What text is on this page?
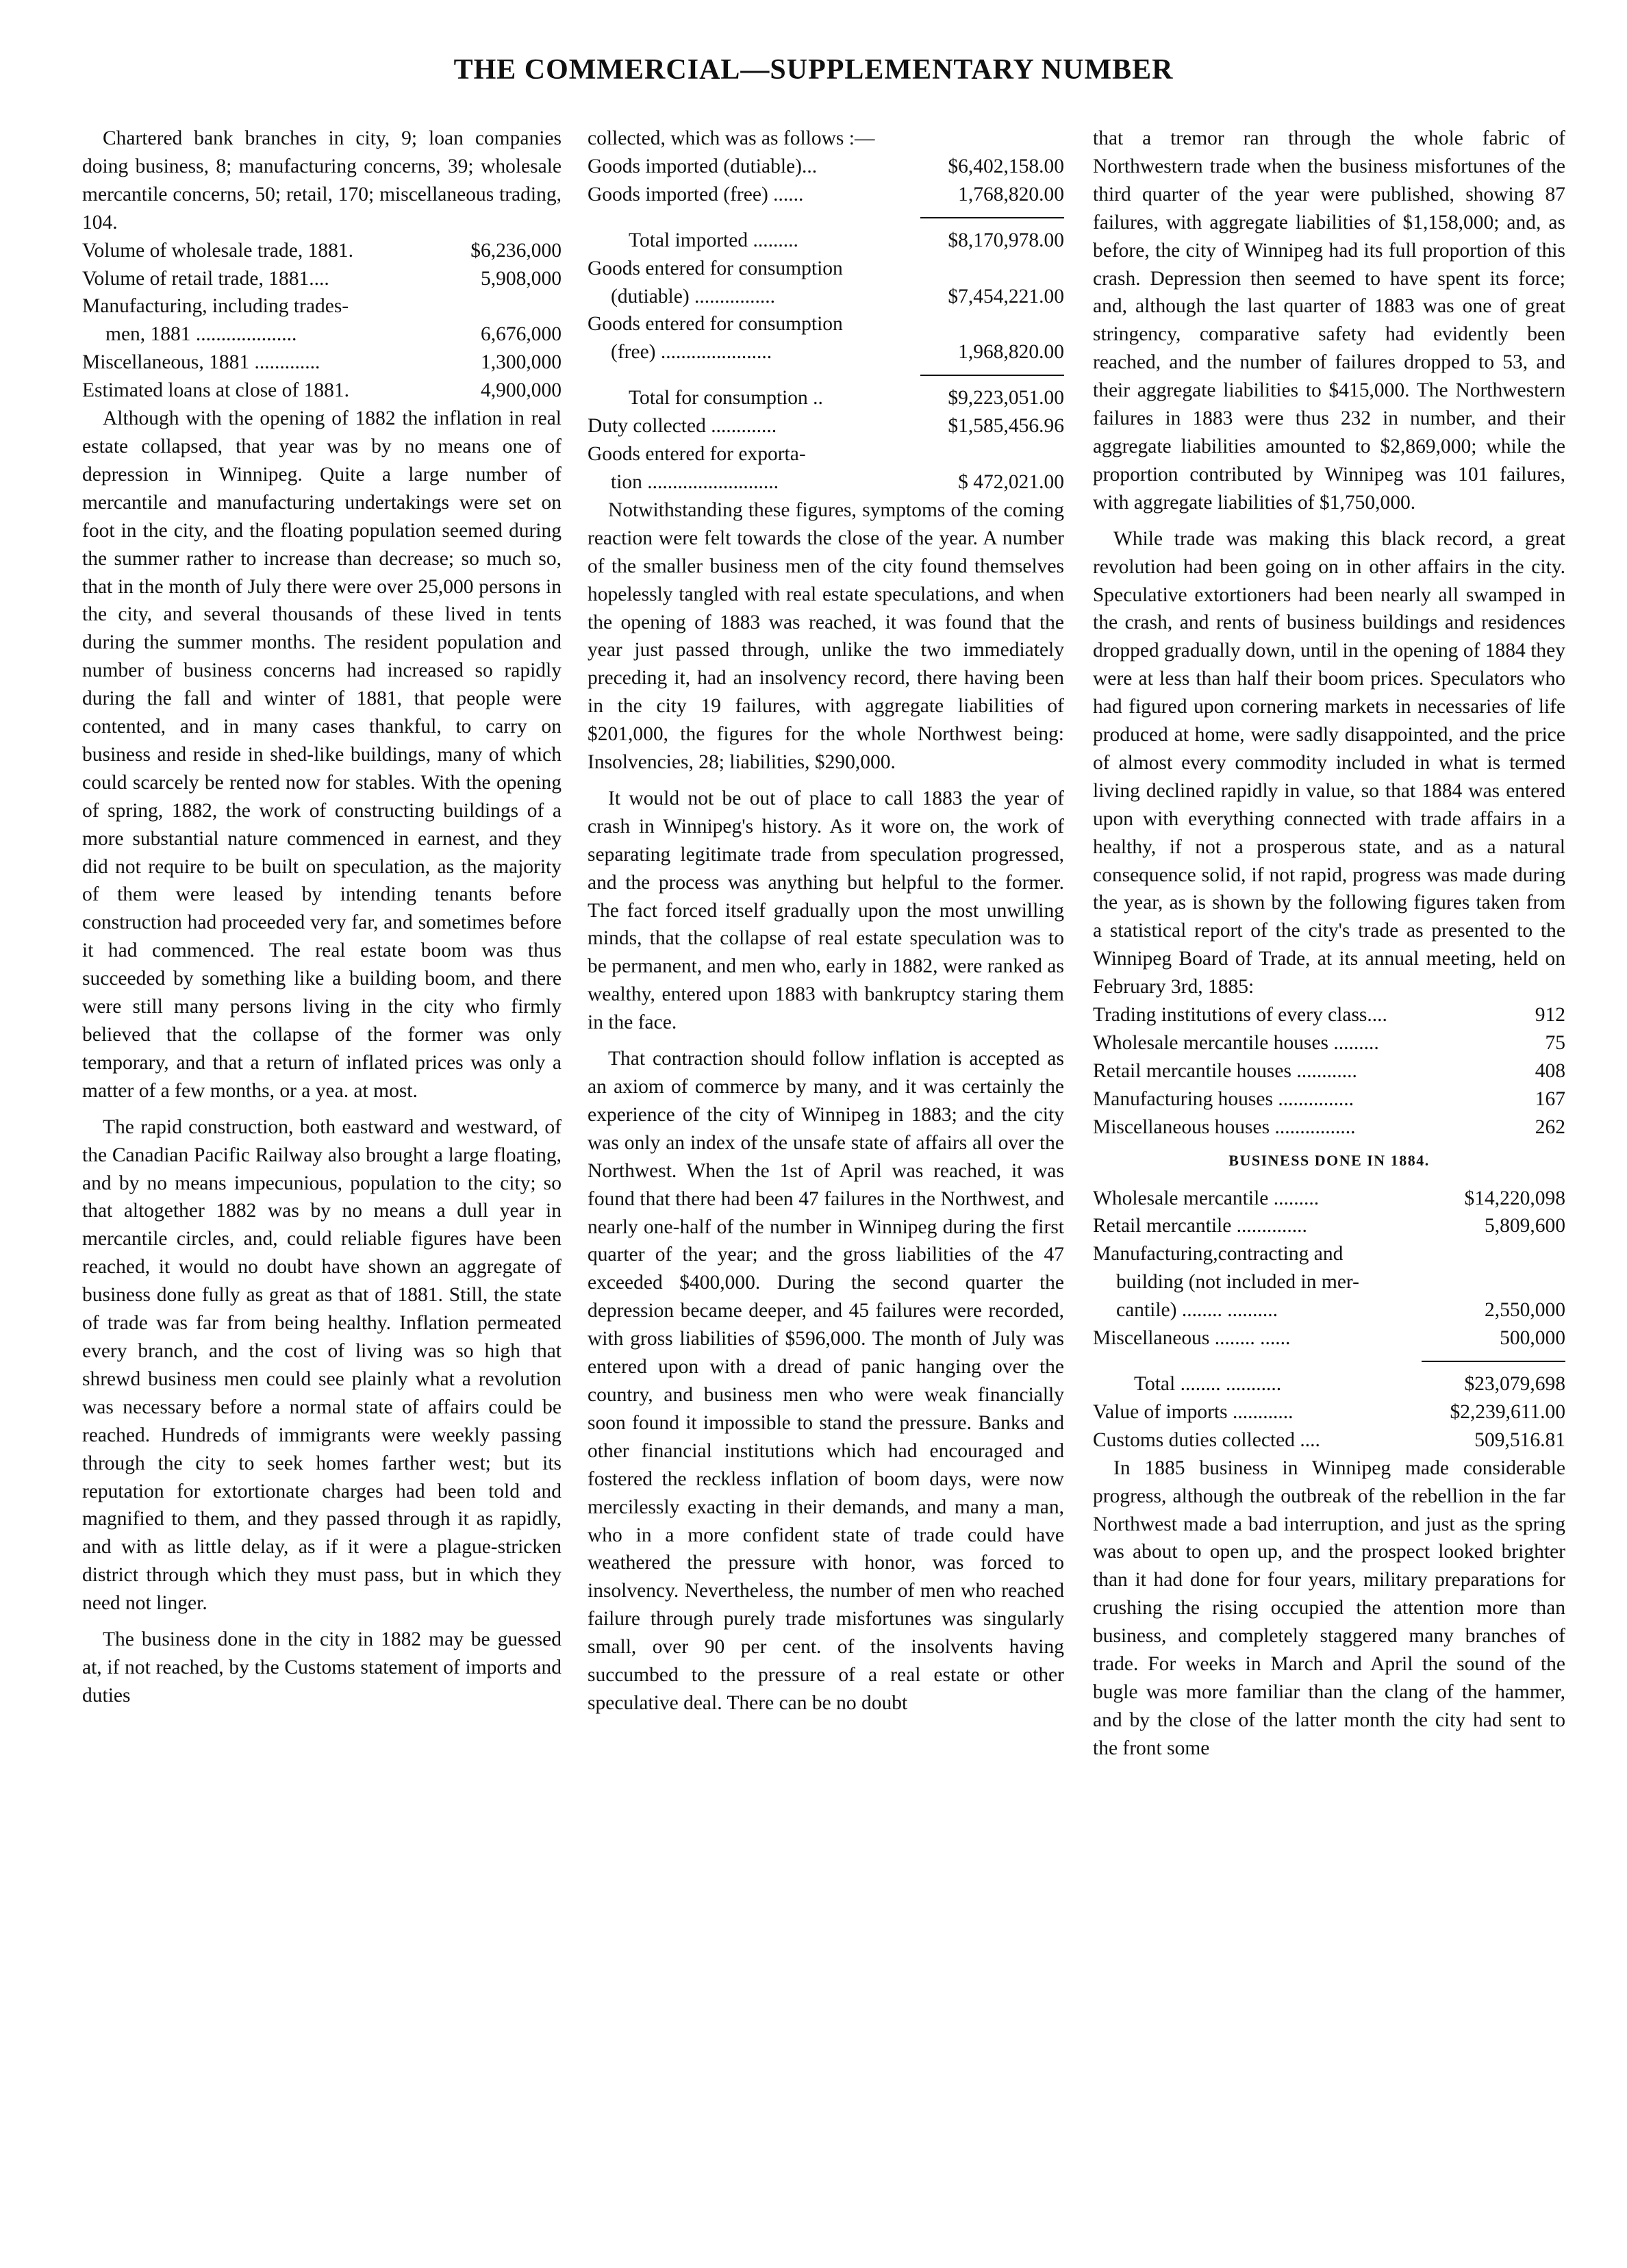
THE COMMERCIAL—SUPPLEMENTARY NUMBER

Chartered bank branches in city, 9; loan companies doing business, 8; manufacturing concerns, 39; wholesale mercantile concerns, 50; retail, 170; miscellaneous trading, 104.

Volume of wholesale trade, 1881.	$6,236,000
Volume of retail trade, 1881....	5,908,000
Manufacturing, including trades-
men, 1881 ....................	6,676,000
Miscellaneous, 1881 .............	1,300,000
Estimated loans at close of 1881.	4,900,000

Although with the opening of 1882 the inflation in real estate collapsed, that year was by no means one of depression in Winnipeg. Quite a large number of mercantile and manufacturing undertakings were set on foot in the city, and the floating population seemed during the summer rather to increase than decrease; so much so, that in the month of July there were over 25,000 persons in the city, and several thousands of these lived in tents during the summer months. The resident population and number of business concerns had increased so rapidly during the fall and winter of 1881, that people were contented, and in many cases thankful, to carry on business and reside in shed-like buildings, many of which could scarcely be rented now for stables. With the opening of spring, 1882, the work of constructing buildings of a more substantial nature commenced in earnest, and they did not require to be built on speculation, as the majority of them were leased by intending tenants before construction had proceeded very far, and sometimes before it had commenced. The real estate boom was thus succeeded by something like a building boom, and there were still many persons living in the city who firmly believed that the collapse of the former was only temporary, and that a return of inflated prices was only a matter of a few months, or a yea. at most.

The rapid construction, both eastward and westward, of the Canadian Pacific Railway also brought a large floating, and by no means impecunious, population to the city; so that altogether 1882 was by no means a dull year in mercantile circles, and, could reliable figures have been reached, it would no doubt have shown an aggregate of business done fully as great as that of 1881. Still, the state of trade was far from being healthy. Inflation permeated every branch, and the cost of living was so high that shrewd business men could see plainly what a revolution was necessary before a normal state of affairs could be reached. Hundreds of immigrants were weekly passing through the city to seek homes farther west; but its reputation for extortionate charges had been told and magnified to them, and they passed through it as rapidly, and with as little delay, as if it were a plague-stricken district through which they must pass, but in which they need not linger.

The business done in the city in 1882 may be guessed at, if not reached, by the Customs statement of imports and duties

collected, which was as follows :—

Goods imported (dutiable)...	$6,402,158.00
Goods imported (free) ......	1,768,820.00
Total imported .........	$8,170,978.00
Goods entered for consumption
(dutiable) ................	$7,454,221.00
Goods entered for consumption
(free) ......................	1,968,820.00
Total for consumption ..	$9,223,051.00
Duty collected .............	$1,585,456.96
Goods entered for exporta-
tion ..........................	$ 472,021.00

Notwithstanding these figures, symptoms of the coming reaction were felt towards the close of the year. A number of the smaller business men of the city found themselves hopelessly tangled with real estate speculations, and when the opening of 1883 was reached, it was found that the year just passed through, unlike the two immediately preceding it, had an insolvency record, there having been in the city 19 failures, with aggregate liabilities of $201,000, the figures for the whole Northwest being: Insolvencies, 28; liabilities, $290,000.

It would not be out of place to call 1883 the year of crash in Winnipeg's history. As it wore on, the work of separating legitimate trade from speculation progressed, and the process was anything but helpful to the former. The fact forced itself gradually upon the most unwilling minds, that the collapse of real estate speculation was to be permanent, and men who, early in 1882, were ranked as wealthy, entered upon 1883 with bankruptcy staring them in the face.

That contraction should follow inflation is accepted as an axiom of commerce by many, and it was certainly the experience of the city of Winnipeg in 1883; and the city was only an index of the unsafe state of affairs all over the Northwest. When the 1st of April was reached, it was found that there had been 47 failures in the Northwest, and nearly one-half of the number in Winnipeg during the first quarter of the year; and the gross liabilities of the 47 exceeded $400,000. During the second quarter the depression became deeper, and 45 failures were recorded, with gross liabilities of $596,000. The month of July was entered upon with a dread of panic hanging over the country, and business men who were weak financially soon found it impossible to stand the pressure. Banks and other financial institutions which had encouraged and fostered the reckless inflation of boom days, were now mercilessly exacting in their demands, and many a man, who in a more confident state of trade could have weathered the pressure with honor, was forced to insolvency. Nevertheless, the number of men who reached failure through purely trade misfortunes was singularly small, over 90 per cent. of the insolvents having succumbed to the pressure of a real estate or other speculative deal. There can be no doubt

that a tremor ran through the whole fabric of Northwestern trade when the business misfortunes of the third quarter of the year were published, showing 87 failures, with aggregate liabilities of $1,158,000; and, as before, the city of Winnipeg had its full proportion of this crash. Depression then seemed to have spent its force; and, although the last quarter of 1883 was one of great stringency, comparative safety had evidently been reached, and the number of failures dropped to 53, and their aggregate liabilities to $415,000. The Northwestern failures in 1883 were thus 232 in number, and their aggregate liabilities amounted to $2,869,000; while the proportion contributed by Winnipeg was 101 failures, with aggregate liabilities of $1,750,000.

While trade was making this black record, a great revolution had been going on in other affairs in the city. Speculative extortioners had been nearly all swamped in the crash, and rents of business buildings and residences dropped gradually down, until in the opening of 1884 they were at less than half their boom prices. Speculators who had figured upon cornering markets in necessaries of life produced at home, were sadly disappointed, and the price of almost every commodity included in what is termed living declined rapidly in value, so that 1884 was entered upon with everything connected with trade affairs in a healthy, if not a prosperous state, and as a natural consequence solid, if not rapid, progress was made during the year, as is shown by the following figures taken from a statistical report of the city's trade as presented to the Winnipeg Board of Trade, at its annual meeting, held on February 3rd, 1885:

Trading institutions of every class....	912
Wholesale mercantile houses .........	75
Retail mercantile houses ............	408
Manufacturing houses ...............	167
Miscellaneous houses ................	262
BUSINESS DONE IN 1884.
Wholesale mercantile .........	$14,220,098
Retail mercantile ..............	5,809,600
Manufacturing,contracting and
building (not included in mer-
cantile) ........ ..........	2,550,000
Miscellaneous ........ ......	500,000
Total ........ ...........	$23,079,698
Value of imports ............	$2,239,611.00
Customs duties collected ....	509,516.81

In 1885 business in Winnipeg made considerable progress, although the outbreak of the rebellion in the far Northwest made a bad interruption, and just as the spring was about to open up, and the prospect looked brighter than it had done for four years, military preparations for crushing the rising occupied the attention more than business, and completely staggered many branches of trade. For weeks in March and April the sound of the bugle was more familiar than the clang of the hammer, and by the close of the latter month the city had sent to the front some
